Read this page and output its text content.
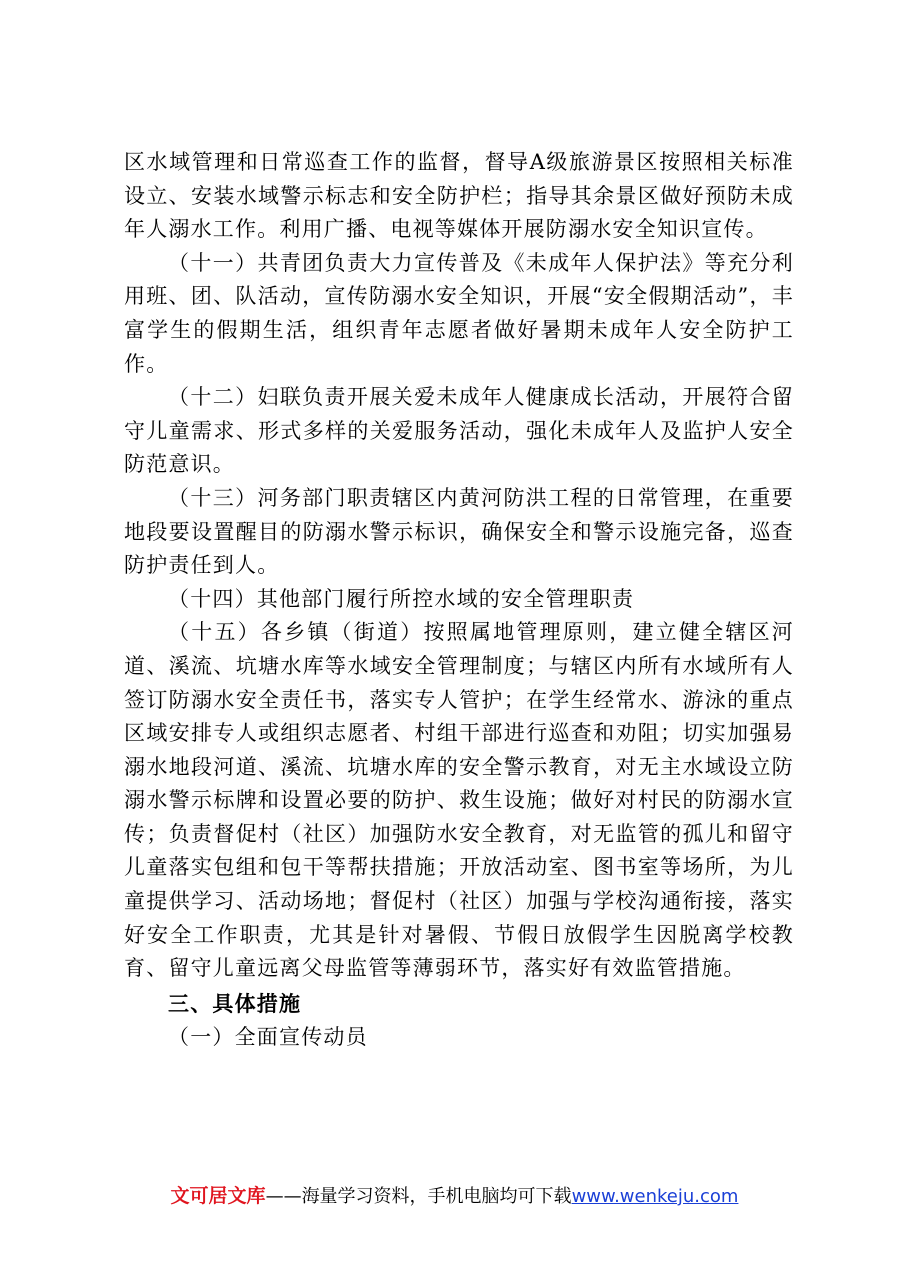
区水域管理和日常巡查工作的监督，督导A级旅游景区按照相关标准设立、安装水域警示标志和安全防护栏；指导其余景区做好预防未成年人溺水工作。利用广播、电视等媒体开展防溺水安全知识宣传。

（十一）共青团负责大力宣传普及《未成年人保护法》等充分利用班、团、队活动，宣传防溺水安全知识，开展“安全假期活动”，丰富学生的假期生活，组织青年志愿者做好暑期未成年人安全防护工作。

（十二）妇联负责开展关爱未成年人健康成长活动，开展符合留守儿童需求、形式多样的关爱服务活动，强化未成年人及监护人安全防范意识。

（十三）河务部门职责辖区内黄河防洪工程的日常管理，在重要地段要设置醒目的防溺水警示标识，确保安全和警示设施完备，巡查防护责任到人。

（十四）其他部门履行所控水域的安全管理职责

（十五）各乡镇（街道）按照属地管理原则，建立健全辖区河道、溪流、坑塘水库等水域安全管理制度；与辖区内所有水域所有人签订防溺水安全责任书，落实专人管护；在学生经常水、游泳的重点区域安排专人或组织志愿者、村组干部进行巡查和劝阻；切实加强易溺水地段河道、溪流、坑塘水库的安全警示教育，对无主水域设立防溺水警示标牌和设置必要的防护、救生设施；做好对村民的防溺水宣传；负责督促村（社区）加强防水安全教育，对无监管的孤儿和留守儿童落实包组和包干等帮扶措施；开放活动室、图书室等场所，为儿童提供学习、活动场地；督促村（社区）加强与学校沟通衔接，落实好安全工作职责，尤其是针对暑假、节假日放假学生因脱离学校教育、留守儿童远离父母监管等薄弱环节，落实好有效监管措施。

三、具体措施

（一）全面宣传动员

文可居文库——海量学习资料，手机电脑均可下载www.wenkeju.com
